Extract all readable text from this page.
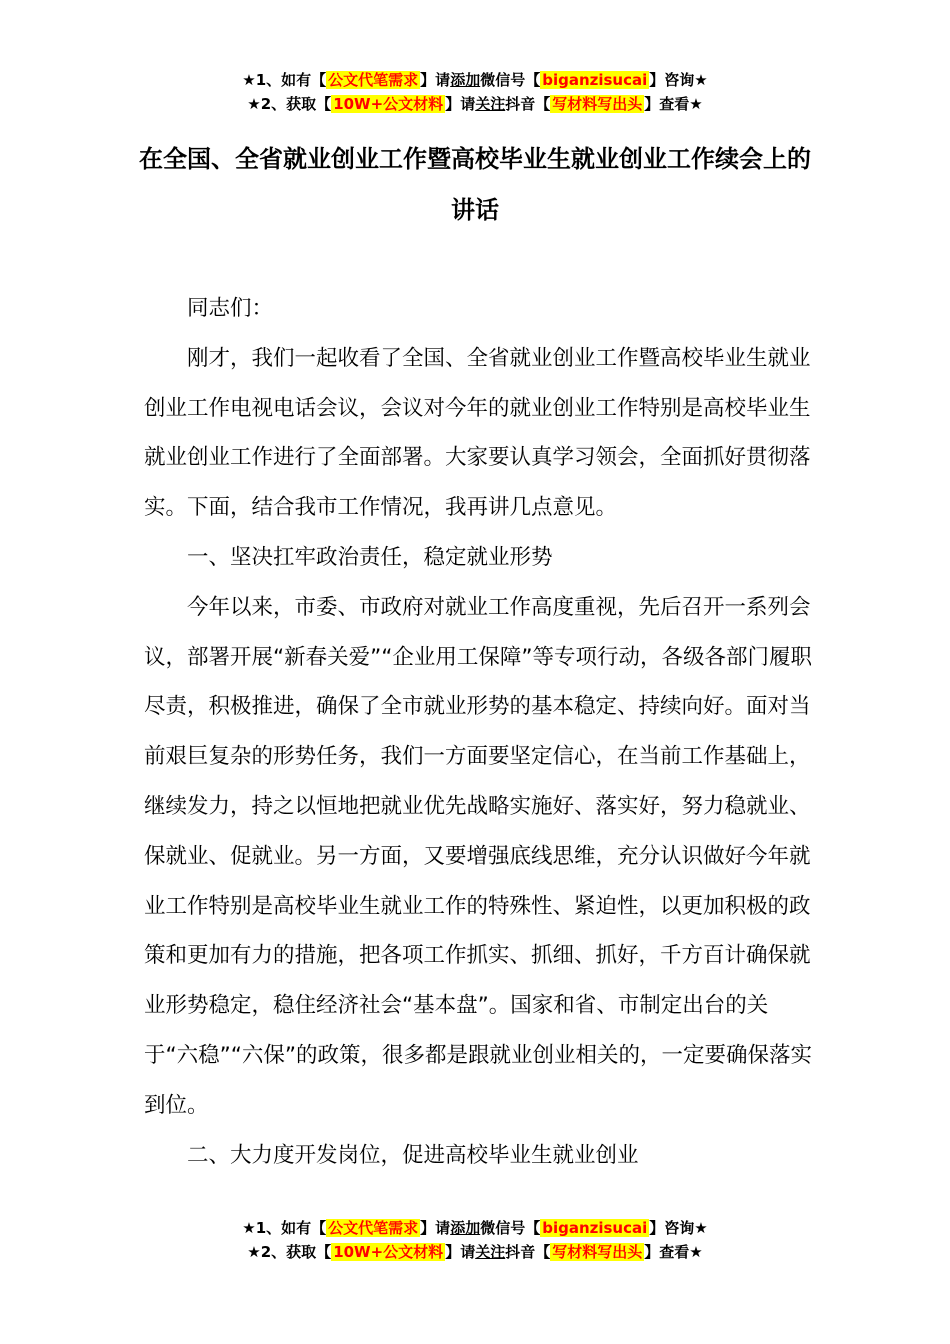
★1、如有【 公文代笔需求 】请添加微信号【 biganzisucai 】咨询★
★2、获取【 10W+公文材料 】请关注抖音【 写材料写出头 】查看★
在全国、全省就业创业工作暨高校毕业生就业创业工作续会上的讲话

同志们：

刚才，我们一起收看了全国、全省就业创业工作暨高校毕业生就业创业工作电视电话会议，会议对今年的就业创业工作特别是高校毕业生就业创业工作进行了全面部署。大家要认真学习领会，全面抓好贯彻落实。下面，结合我市工作情况，我再讲几点意见。

一、坚决扛牢政治责任，稳定就业形势

今年以来，市委、市政府对就业工作高度重视，先后召开一系列会议，部署开展“新春关爱”“企业用工保障”等专项行动，各级各部门履职尽责，积极推进，确保了全市就业形势的基本稳定、持续向好。面对当前艰巨复杂的形势任务，我们一方面要坚定信心，在当前工作基础上，继续发力，持之以恒地把就业优先战略实施好、落实好，努力稳就业、保就业、促就业。另一方面，又要增强底线思维，充分认识做好今年就业工作特别是高校毕业生就业工作的特殊性、紧迫性，以更加积极的政策和更加有力的措施，把各项工作抓实、抓细、抓好，千方百计确保就业形势稳定，稳住经济社会“基本盘”。国家和省、市制定出台的关于“六稳”“六保”的政策，很多都是跟就业创业相关的，一定要确保落实到位。

二、大力度开发岗位，促进高校毕业生就业创业

★1、如有【 公文代笔需求 】请添加微信号【 biganzisucai 】咨询★
★2、获取【 10W+公文材料 】请关注抖音【 写材料写出头 】查看★
